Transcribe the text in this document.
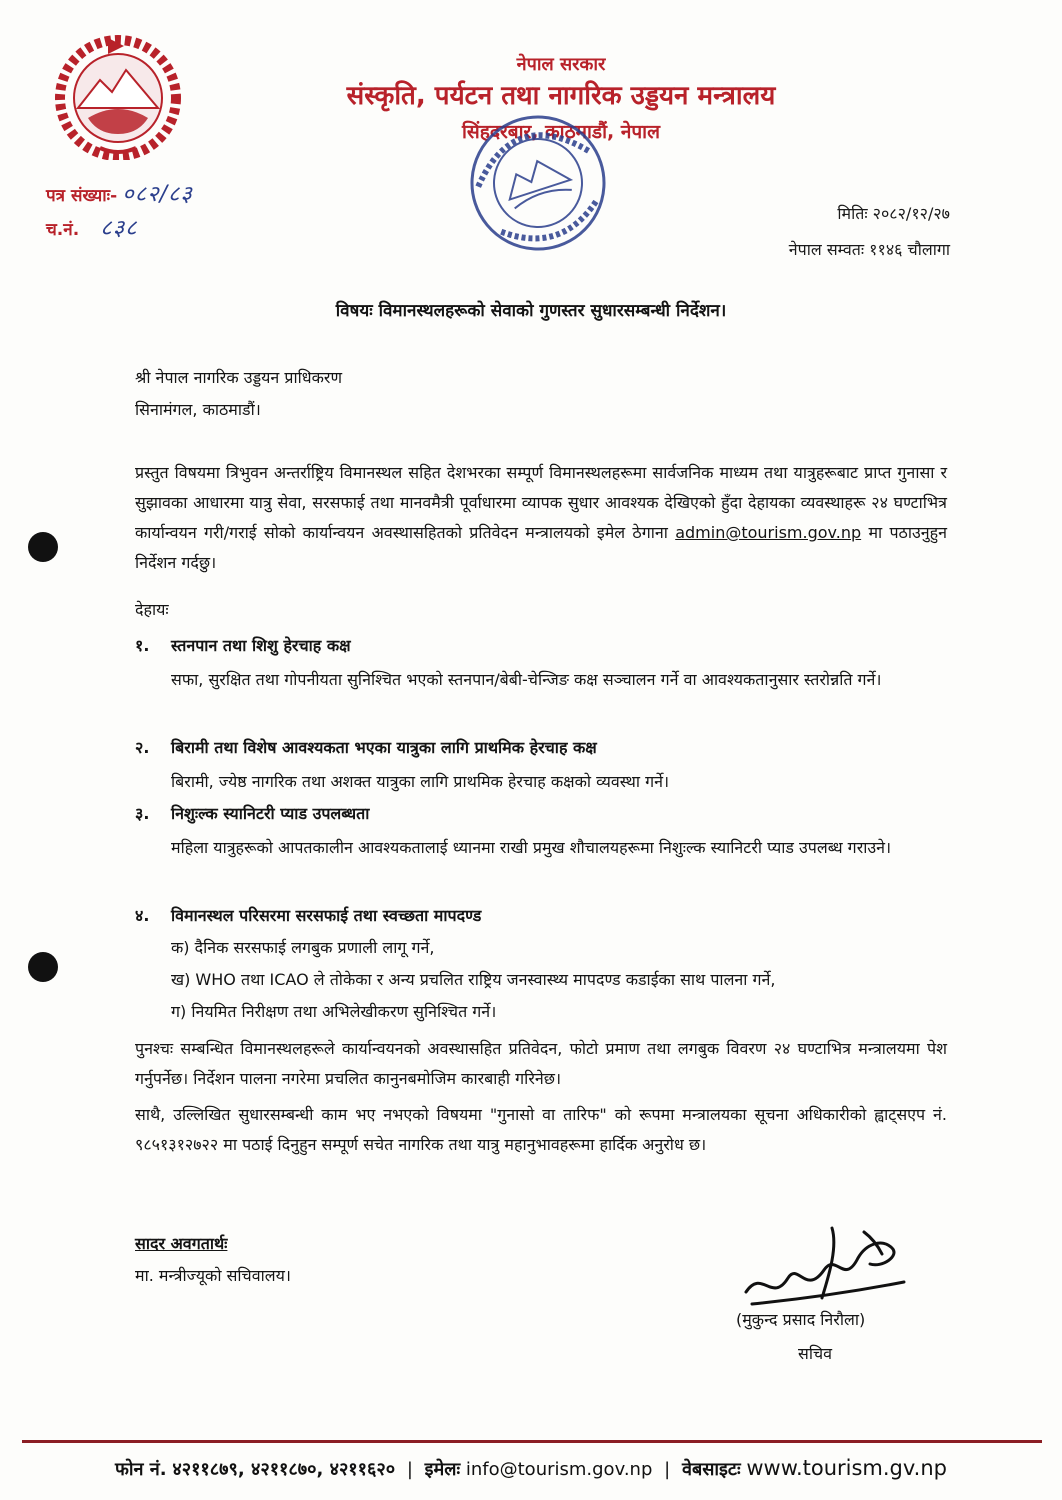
नेपाल सरकार
संस्कृति, पर्यटन तथा नागरिक उड्डयन मन्त्रालय
सिंहदरबार, काठमाडौं, नेपाल
पत्र संख्याः- ०८२/८३
च.नं. ८३८
मितिः २०८२/१२/२७
नेपाल सम्वतः ११४६ चौलागा
विषयः विमानस्थलहरूको सेवाको गुणस्तर सुधारसम्बन्धी निर्देशन।
श्री नेपाल नागरिक उड्डयन प्राधिकरण
सिनामंगल, काठमाडौं।
प्रस्तुत विषयमा त्रिभुवन अन्तर्राष्ट्रिय विमानस्थल सहित देशभरका सम्पूर्ण विमानस्थलहरूमा सार्वजनिक माध्यम तथा यात्रुहरूबाट प्राप्त गुनासा र सुझावका आधारमा यात्रु सेवा, सरसफाई तथा मानवमैत्री पूर्वाधारमा व्यापक सुधार आवश्यक देखिएको हुँदा देहायका व्यवस्थाहरू २४ घण्टाभित्र कार्यान्वयन गरी/गराई सोको कार्यान्वयन अवस्थासहितको प्रतिवेदन मन्त्रालयको इमेल ठेगाना admin@tourism.gov.np मा पठाउनुहुन निर्देशन गर्दछु।
देहायः
१. स्तनपान तथा शिशु हेरचाह कक्ष
सफा, सुरक्षित तथा गोपनीयता सुनिश्चित भएको स्तनपान/बेबी-चेन्जिङ कक्ष सञ्चालन गर्ने वा आवश्यकतानुसार स्तरोन्नति गर्ने।
२. बिरामी तथा विशेष आवश्यकता भएका यात्रुका लागि प्राथमिक हेरचाह कक्ष
बिरामी, ज्येष्ठ नागरिक तथा अशक्त यात्रुका लागि प्राथमिक हेरचाह कक्षको व्यवस्था गर्ने।
३. निशुःल्क स्यानिटरी प्याड उपलब्धता
महिला यात्रुहरूको आपतकालीन आवश्यकतालाई ध्यानमा राखी प्रमुख शौचालयहरूमा निशुःल्क स्यानिटरी प्याड उपलब्ध गराउने।
४. विमानस्थल परिसरमा सरसफाई तथा स्वच्छता मापदण्ड
क) दैनिक सरसफाई लगबुक प्रणाली लागू गर्ने,
ख) WHO तथा ICAO ले तोकेका र अन्य प्रचलित राष्ट्रिय जनस्वास्थ्य मापदण्ड कडाईका साथ पालना गर्ने,
ग) नियमित निरीक्षण तथा अभिलेखीकरण सुनिश्चित गर्ने।
पुनश्चः सम्बन्धित विमानस्थलहरूले कार्यान्वयनको अवस्थासहित प्रतिवेदन, फोटो प्रमाण तथा लगबुक विवरण २४ घण्टाभित्र मन्त्रालयमा पेश गर्नुपर्नेछ। निर्देशन पालना नगरेमा प्रचलित कानुनबमोजिम कारबाही गरिनेछ।
साथै, उल्लिखित सुधारसम्बन्धी काम भए नभएको विषयमा "गुनासो वा तारिफ" को रूपमा मन्त्रालयका सूचना अधिकारीको ह्वाट्सएप नं. ९८५१३१२७२२ मा पठाई दिनुहुन सम्पूर्ण सचेत नागरिक तथा यात्रु महानुभावहरूमा हार्दिक अनुरोध छ।
सादर अवगतार्थः
मा. मन्त्रीज्यूको सचिवालय।
(मुकुन्द प्रसाद निरौला)
सचिव
फोन नं. ४२११८७९, ४२११८७०, ४२११६२० | इमेलः info@tourism.gov.np | वेबसाइटः www.tourism.gv.np
